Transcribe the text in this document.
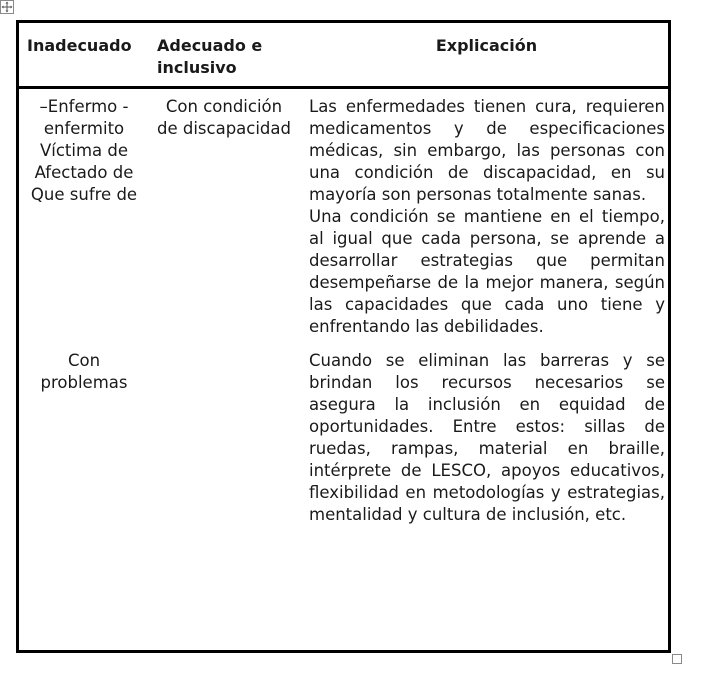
Inadecuado	Adecuado e inclusivo
Explicación
–Enfermo - enfermito Víctima de Afectado de Que sufre de
Con condición de discapacidad

Las enfermedades tienen cura, requieren medicamentos y de especificaciones médicas, sin embargo, las personas con una condición de discapacidad, en su mayoría son personas totalmente sanas.

Una condición se mantiene en el tiempo, al igual que cada persona, se aprende a desarrollar estrategias que permitan desempeñarse de la mejor manera, según las capacidades que cada uno tiene y enfrentando las debilidades.

Con problemas

Cuando se eliminan las barreras y se brindan los recursos necesarios se asegura la inclusión en equidad de oportunidades. Entre estos: sillas de ruedas, rampas, material en braille, intérprete de LESCO, apoyos educativos, flexibilidad en metodologías y estrategias, mentalidad y cultura de inclusión, etc.
